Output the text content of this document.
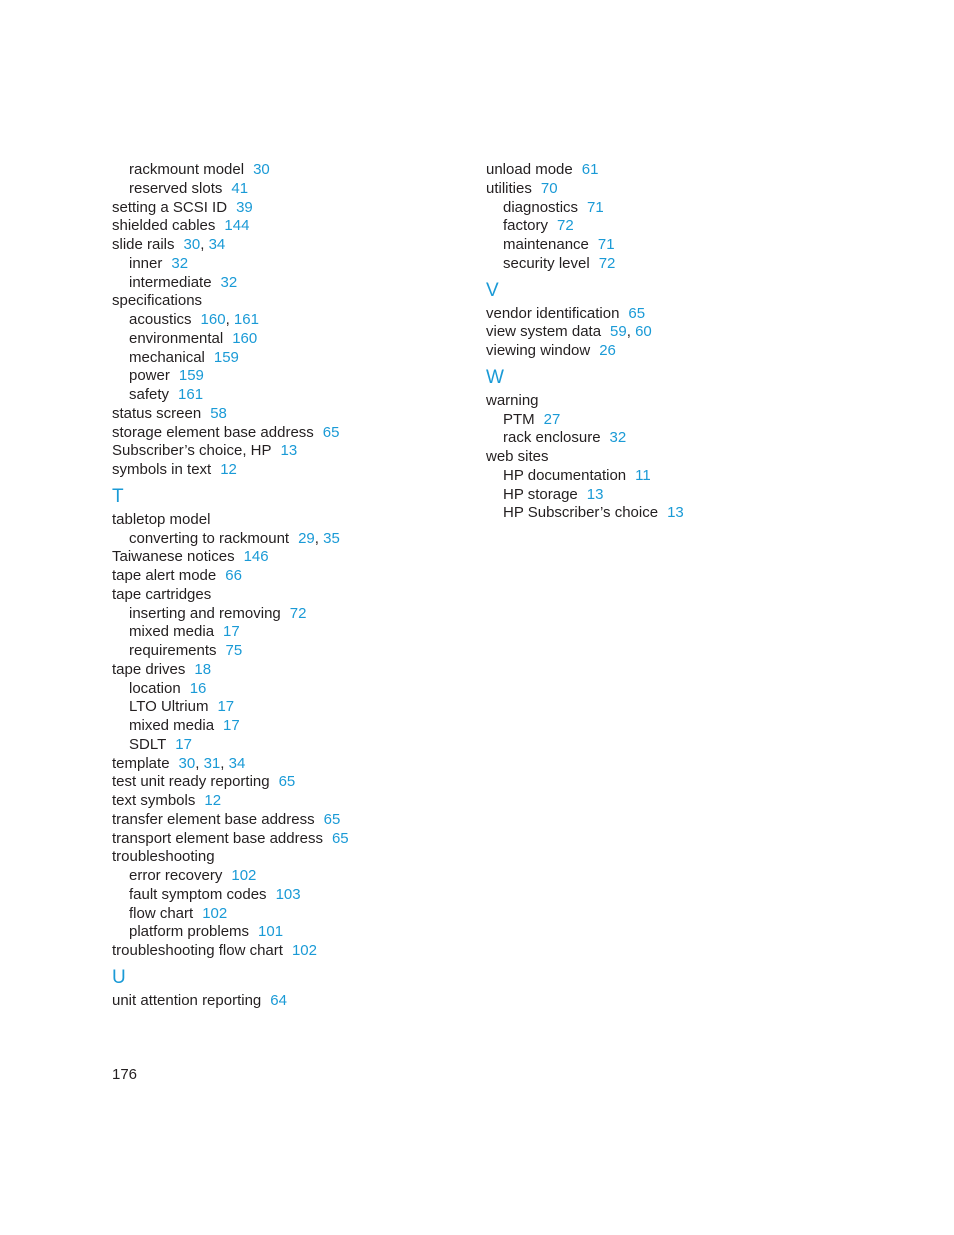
rackmount model 30
reserved slots 41
setting a SCSI ID 39
shielded cables 144
slide rails 30, 34
inner 32
intermediate 32
specifications
acoustics 160, 161
environmental 160
mechanical 159
power 159
safety 161
status screen 58
storage element base address 65
Subscriber’s choice, HP 13
symbols in text 12
T
tabletop model
converting to rackmount 29, 35
Taiwanese notices 146
tape alert mode 66
tape cartridges
inserting and removing 72
mixed media 17
requirements 75
tape drives 18
location 16
LTO Ultrium 17
mixed media 17
SDLT 17
template 30, 31, 34
test unit ready reporting 65
text symbols 12
transfer element base address 65
transport element base address 65
troubleshooting
error recovery 102
fault symptom codes 103
flow chart 102
platform problems 101
troubleshooting flow chart 102
U
unit attention reporting 64
unload mode 61
utilities 70
diagnostics 71
factory 72
maintenance 71
security level 72
V
vendor identification 65
view system data 59, 60
viewing window 26
W
warning
PTM 27
rack enclosure 32
web sites
HP documentation 11
HP storage 13
HP Subscriber’s choice 13
176
